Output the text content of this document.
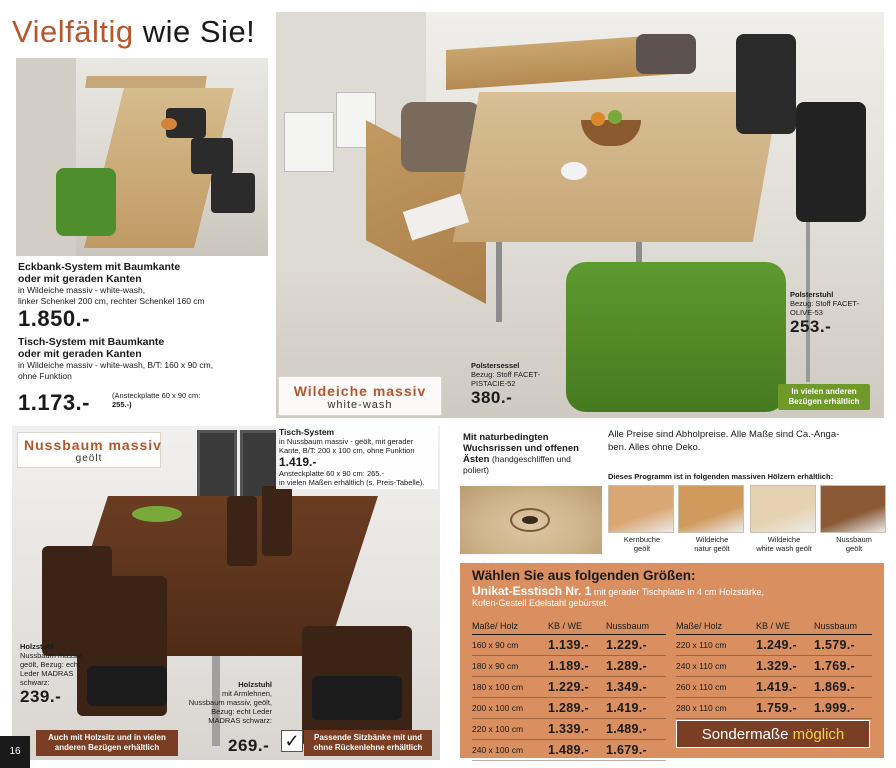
Vielfältig wie Sie!
Eckbank-System mit Baumkante
oder mit geraden Kanten
in Wildeiche massiv - white-wash,
linker Schenkel 200 cm, rechter Schenkel 160 cm
1.850.-
Tisch-System mit Baumkante
oder mit geraden Kanten
in Wildeiche massiv - white-wash, B/T: 160 x 90 cm,
ohne Funktion
1.173.-	(Ansteckplatte 60 x 90 cm:
255.-)
Wildeiche massiv
white-wash
Polstersessel
Bezug: Stoff FACET-
PISTACIE-52
380.-
Polsterstuhl
Bezug: Stoff FACET-
OLIVE-53
253.-
In vielen anderen
Bezügen erhältlich
Nussbaum massiv
geölt
Tisch-System
in Nussbaum massiv - geölt, mit gerader
Kante, B/T: 200 x 100 cm, ohne Funktion
1.419.-
Ansteckplatte 60 x 90 cm: 265.-
in vielen Maßen erhältlich (s. Preis-Tabelle).
Holzstuhl
Nussbaum massiv,
geölt, Bezug: echt
Leder MADRAS
schwarz:
239.-
Holzstuhl
mit Armlehnen,
Nussbaum massiv, geölt,
Bezug: echt Leder
MADRAS schwarz:
269.-
Auch mit Holzsitz und in vielen
anderen Bezügen erhältlich	✓	Passende Sitzbänke mit und
ohne Rückenlehne erhältlich
16
Mit naturbedingten
Wuchsrissen und offenen
Ästen (handgeschliffen und
poliert)
Alle Preise sind Abholpreise. Alle Maße sind Ca.-Anga-
ben. Alles ohne Deko.
Dieses Programm ist in folgenden massiven Hölzern erhältlich:
Kernbuche
geölt
Wildeiche
natur geölt
Wildeiche
white wash geölt
Nussbaum
geölt
Wählen Sie aus folgenden Größen:
Unikat-Esstisch Nr. 1 mit gerader Tischplatte in 4 cm Holzstärke,
Kufen-Gestell Edelstahl gebürstet.
Maße/ Holz	KB / WE	Nussbaum
160 x 90 cm	1.139.-	1.229.-
180 x 90 cm	1.189.-	1.289.-
180 x 100 cm	1.229.-	1.349.-
200 x 100 cm	1.289.-	1.419.-
220 x 100 cm	1.339.-	1.489.-
240 x 100 cm	1.489.-	1.679.-
Maße/ Holz	KB / WE	Nussbaum
220 x 110 cm	1.249.-	1.579.-
240 x 110 cm	1.329.-	1.769.-
260 x 110 cm	1.419.-	1.869.-
280 x 110 cm	1.759.-	1.999.-
Sondermaße möglich
